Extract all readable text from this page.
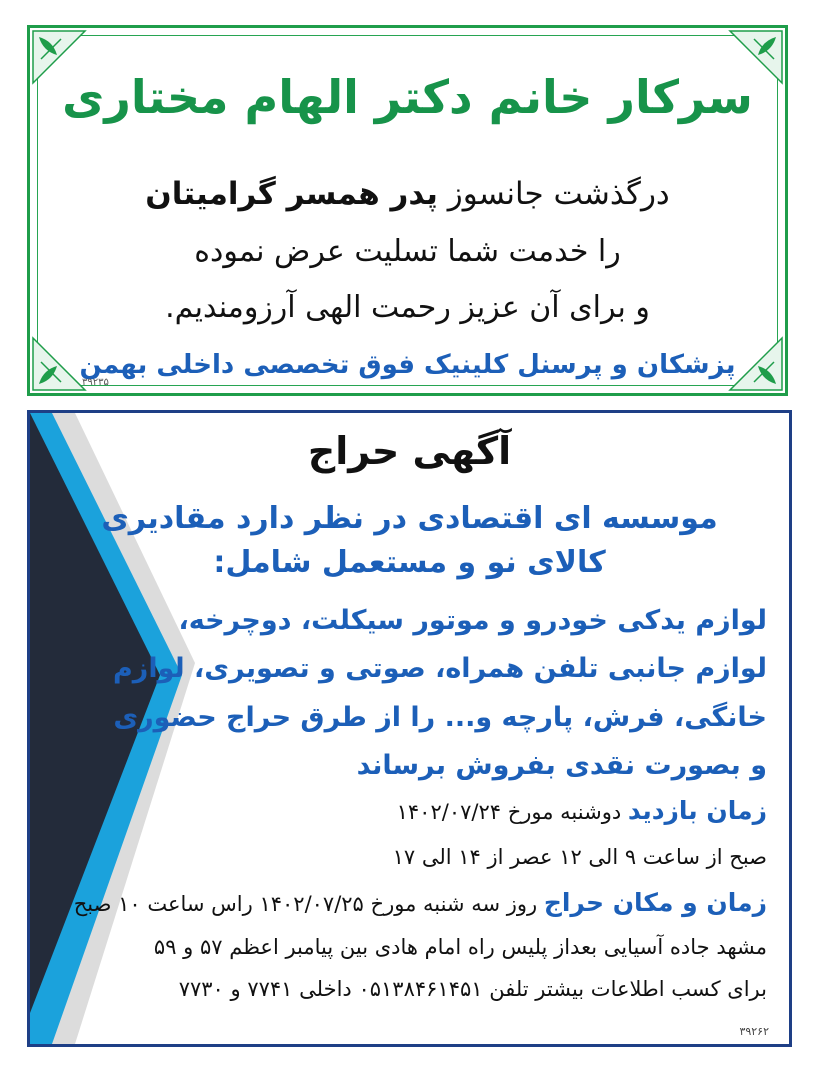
سرکار خانم دکتر الهام مختاری
درگذشت جانسوز پدر همسر گرامیتان
را خدمت شما تسلیت عرض نموده
و برای آن عزیز رحمت الهی آرزومندیم.
پزشکان و پرسنل کلینیک فوق تخصصی داخلی بهمن
۳۹۲۳۵
آگهی حراج
موسسه ای اقتصادی در نظر دارد مقادیری
کالای نو و مستعمل شامل:
لوازم یدکی خودرو و موتور سیکلت، دوچرخه،
لوازم جانبی تلفن همراه، صوتی و تصویری، لوازم
خانگی، فرش، پارچه و... را از طرق حراج حضوری
و بصورت نقدی بفروش برساند
زمان بازدید دوشنبه مورخ ۱۴۰۲/۰۷/۲۴
صبح از ساعت ۹ الی ۱۲ عصر از ۱۴ الی ۱۷
زمان و مکان حراج روز سه شنبه مورخ ۱۴۰۲/۰۷/۲۵ راس ساعت ۱۰ صبح
مشهد جاده آسیایی بعداز پلیس راه امام هادی بین پیامبر اعظم ۵۷ و ۵۹
برای کسب اطلاعات بیشتر تلفن ۰۵۱۳۸۴۶۱۴۵۱ داخلی ۷۷۴۱ و ۷۷۳۰
۳۹۲۶۲
